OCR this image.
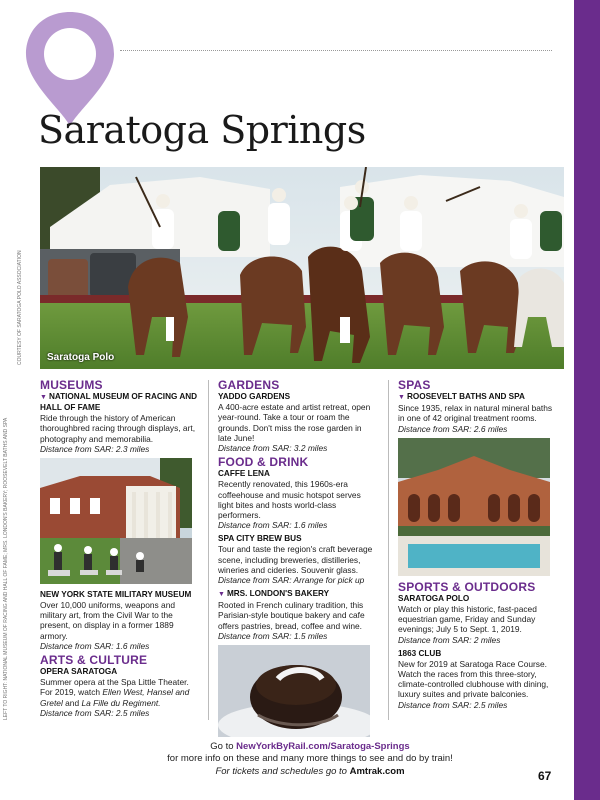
Saratoga Springs
Saratoga Polo
COURTESY OF SARATOGA POLO ASSOCIATION
LEFT TO RIGHT: NATIONAL MUSEUM OF RACING AND HALL OF FAME; MRS. LONDON'S BAKERY; ROOSEVELT BATHS AND SPA
MUSEUMS
▼ NATIONAL MUSEUM OF RACING AND HALL OF FAME
Ride through the history of American thoroughbred racing through displays, art, photography and memorabilia.
Distance from SAR: 2.3 miles
NEW YORK STATE MILITARY MUSEUM
Over 10,000 uniforms, weapons and military art, from the Civil War to the present, on display in a former 1889 armory.
Distance from SAR: 1.6 miles
ARTS & CULTURE
OPERA SARATOGA
Summer opera at the Spa Little Theater. For 2019, watch Ellen West, Hansel and Gretel and La Fille du Regiment.
Distance from SAR: 2.5 miles
GARDENS
YADDO GARDENS
A 400-acre estate and artist retreat, open year-round. Take a tour or roam the grounds. Don't miss the rose garden in late June!
Distance from SAR: 3.2 miles
FOOD & DRINK
CAFFE LENA
Recently renovated, this 1960s-era coffeehouse and music hotspot serves light bites and hosts world-class performers.
Distance from SAR: 1.6 miles
SPA CITY BREW BUS
Tour and taste the region's craft beverage scene, including breweries, distilleries, wineries and cideries. Souvenir glass.
Distance from SAR: Arrange for pick up
▼ MRS. LONDON'S BAKERY
Rooted in French culinary tradition, this Parisian-style boutique bakery and cafe offers pastries, bread, coffee and wine.
Distance from SAR: 1.5 miles
SPAS
▼ ROOSEVELT BATHS AND SPA
Since 1935, relax in natural mineral baths in one of 42 original treatment rooms.
Distance from SAR: 2.6 miles
SPORTS & OUTDOORS
SARATOGA POLO
Watch or play this historic, fast-paced equestrian game, Friday and Sunday evenings; July 5 to Sept. 1, 2019.
Distance from SAR: 2 miles
1863 CLUB
New for 2019 at Saratoga Race Course. Watch the races from this three-story, climate-controlled clubhouse with dining, luxury suites and private balconies.
Distance from SAR: 2.5 miles
Go to NewYorkByRail.com/Saratoga-Springs
for more info on these and many more things to see and do by train!
For tickets and schedules go to Amtrak.com	67
